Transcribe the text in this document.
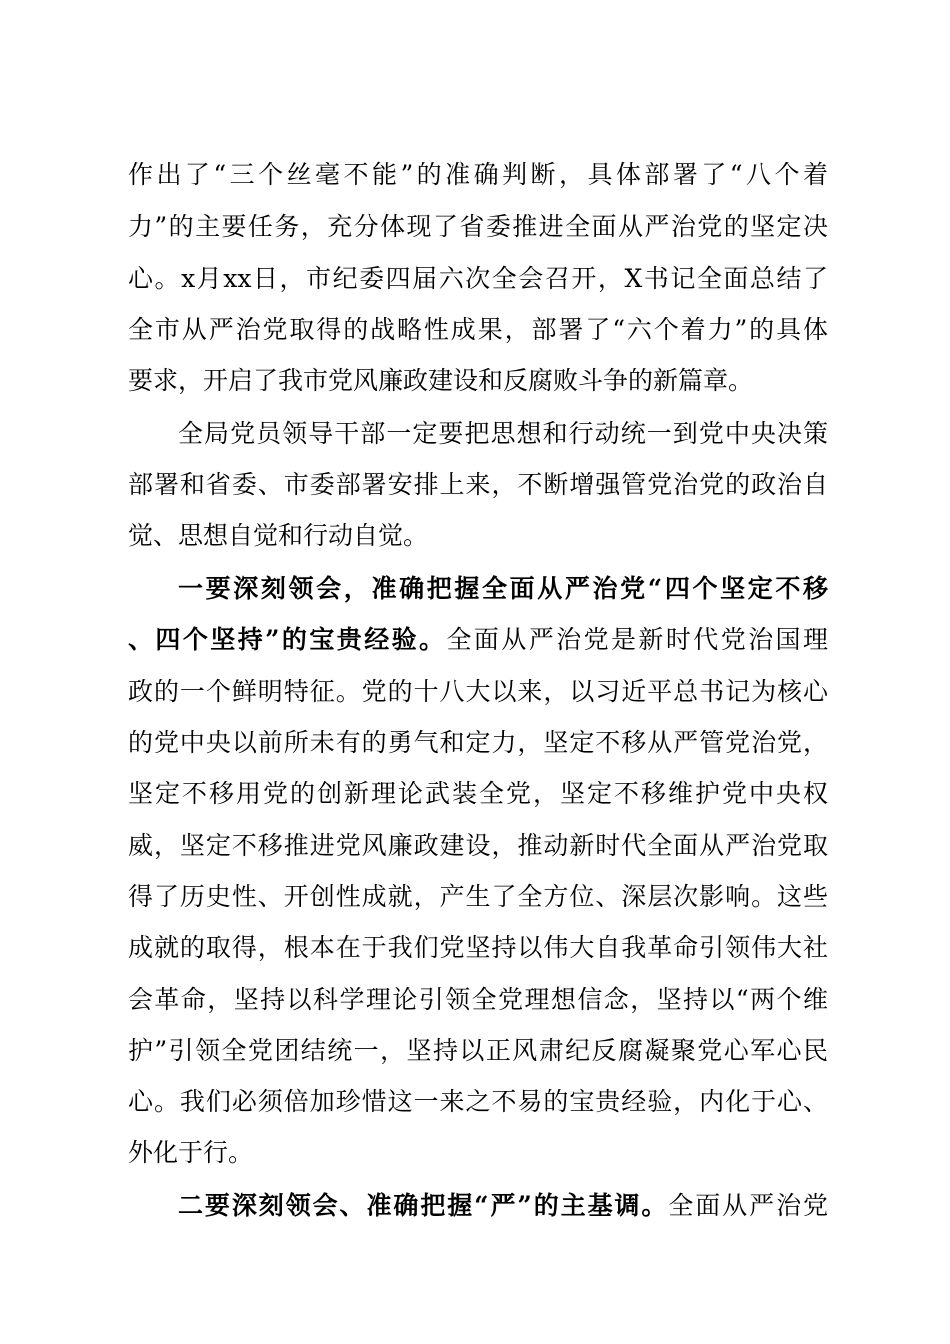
作出了“三个丝毫不能”的准确判断，具体部署了“八个着
力”的主要任务，充分体现了省委推进全面从严治党的坚定决
心。x月xx日，市纪委四届六次全会召开，X书记全面总结了
全市从严治党取得的战略性成果，部署了“六个着力”的具体
要求，开启了我市党风廉政建设和反腐败斗争的新篇章。
全局党员领导干部一定要把思想和行动统一到党中央决策
部署和省委、市委部署安排上来，不断增强管党治党的政治自
觉、思想自觉和行动自觉。
一要深刻领会，准确把握全面从严治党“四个坚定不移
、四个坚持”的宝贵经验。全面从严治党是新时代党治国理
政的一个鲜明特征。党的十八大以来，以习近平总书记为核心
的党中央以前所未有的勇气和定力，坚定不移从严管党治党，
坚定不移用党的创新理论武装全党，坚定不移维护党中央权
威，坚定不移推进党风廉政建设，推动新时代全面从严治党取
得了历史性、开创性成就，产生了全方位、深层次影响。这些
成就的取得，根本在于我们党坚持以伟大自我革命引领伟大社
会革命，坚持以科学理论引领全党理想信念，坚持以“两个维
护”引领全党团结统一，坚持以正风肃纪反腐凝聚党心军心民
心。我们必须倍加珍惜这一来之不易的宝贵经验，内化于心、
外化于行。
二要深刻领会、准确把握“严”的主基调。全面从严治党
